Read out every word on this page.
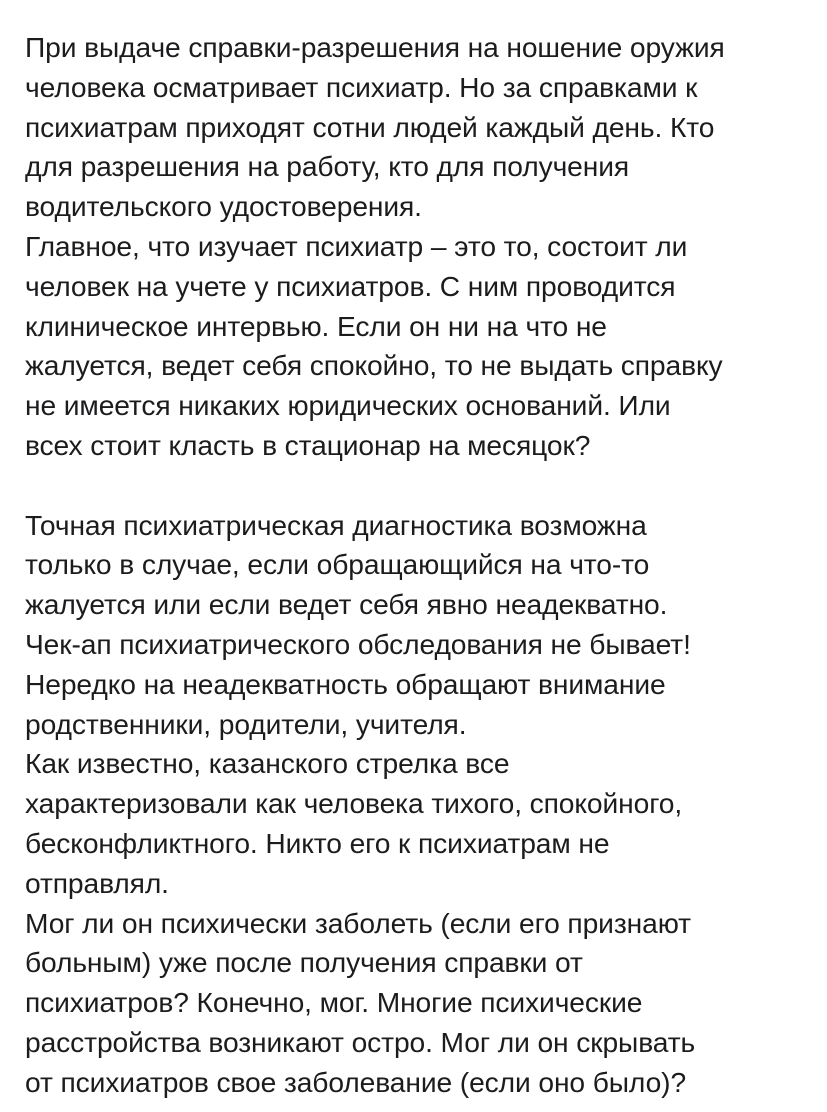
При выдаче справки-разрешения на ношение оружия
человека осматривает психиатр. Но за справками к
психиатрам приходят сотни людей каждый день. Кто
для разрешения на работу, кто для получения
водительского удостоверения.

Главное, что изучает психиатр – это то, состоит ли
человек на учете у психиатров. С ним проводится
клиническое интервью. Если он ни на что не
жалуется, ведет себя спокойно, то не выдать справку
не имеется никаких юридических оснований. Или
всех стоит класть в стационар на месяцок?

Точная психиатрическая диагностика возможна
только в случае, если обращающийся на что-то
жалуется или если ведет себя явно неадекватно.
Чек-ап психиатрического обследования не бывает!

Нередко на неадекватность обращают внимание
родственники, родители, учителя.

Как известно, казанского стрелка все
характеризовали как человека тихого, спокойного,
бесконфликтного. Никто его к психиатрам не
отправлял.

Мог ли он психически заболеть (если его признают
больным) уже после получения справки от
психиатров? Конечно, мог. Многие психические
расстройства возникают остро. Мог ли он скрывать
от психиатров свое заболевание (если оно было)?
